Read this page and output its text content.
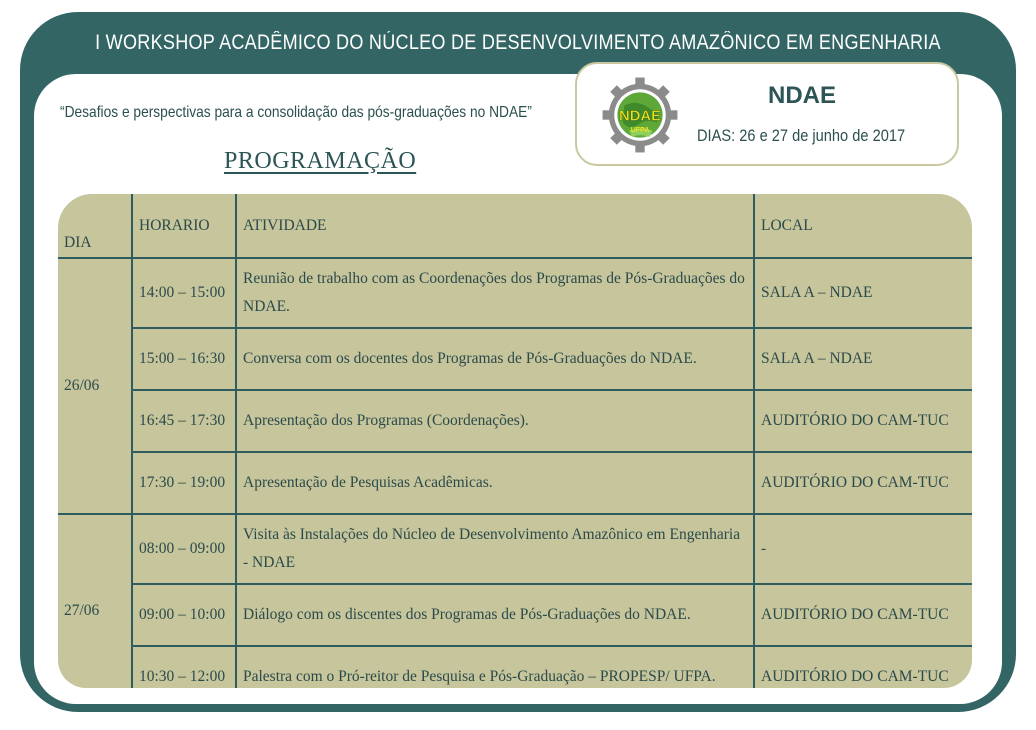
I WORKSHOP ACADÊMICO DO NÚCLEO DE DESENVOLVIMENTO AMAZÔNICO EM ENGENHARIA
“Desafios e perspectivas para a consolidação das pós-graduações no NDAE”
PROGRAMAÇÃO
NDAE
UFPA
NDAE
DIAS: 26 e 27 de junho de 2017
DIA	HORARIO	ATIVIDADE	LOCAL
26/06	14:00 – 15:00	Reunião de trabalho com as Coordenações dos Programas de Pós-Graduações do NDAE.	SALA A – NDAE
	15:00 – 16:30	Conversa com os docentes dos Programas de Pós-Graduações do NDAE.	SALA A – NDAE
	16:45 – 17:30	Apresentação dos Programas (Coordenações).	AUDITÓRIO DO CAM-TUC
	17:30 – 19:00	Apresentação de Pesquisas Acadêmicas.	AUDITÓRIO DO CAM-TUC
27/06	08:00 – 09:00	Visita às Instalações do Núcleo de Desenvolvimento Amazônico em Engenharia - NDAE	-
	09:00 – 10:00	Diálogo com os discentes dos Programas de Pós-Graduações do NDAE.	AUDITÓRIO DO CAM-TUC
	10:30 – 12:00	Palestra com o Pró-reitor de Pesquisa e Pós-Graduação – PROPESP/ UFPA.	AUDITÓRIO DO CAM-TUC
